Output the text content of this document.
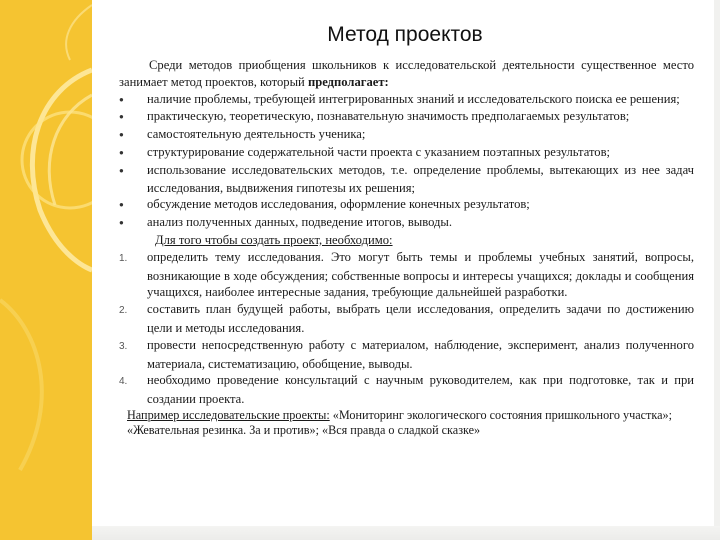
Метод проектов

Среди методов приобщения школьников к исследовательской деятельности существенное место занимает метод проектов, который предполагает:

● наличие проблемы, требующей интегрированных знаний и исследовательского поиска ее решения;

● практическую, теоретическую, познавательную значимость предполагаемых результатов;

● самостоятельную деятельность ученика;

● структурирование содержательной части проекта с указанием поэтапных результатов;

● использование исследовательских методов, т.е. определение проблемы, вытекающих из нее задач исследования, выдвижения гипотезы их решения;

● обсуждение методов исследования, оформление конечных результатов;

● анализ полученных данных, подведение итогов, выводы.

Для того чтобы создать проект, необходимо:

1. определить тему исследования. Это могут быть темы и проблемы учебных занятий, вопросы, возникающие в ходе обсуждения; собственные вопросы и интересы учащихся; доклады и сообщения учащихся, наиболее интересные задания, требующие дальнейшей разработки.

2. составить план будущей работы, выбрать цели исследования, определить задачи по достижению цели и методы исследования.

3. провести непосредственную работу с материалом, наблюдение, эксперимент, анализ полученного материала, систематизацию, обобщение, выводы.

4. необходимо проведение консультаций с научным руководителем, как при подготовке, так и при создании проекта.

Например исследовательские проекты: «Мониторинг экологического состояния пришкольного участка»; «Жевательная резинка. За и против»; «Вся правда о сладкой сказке»
